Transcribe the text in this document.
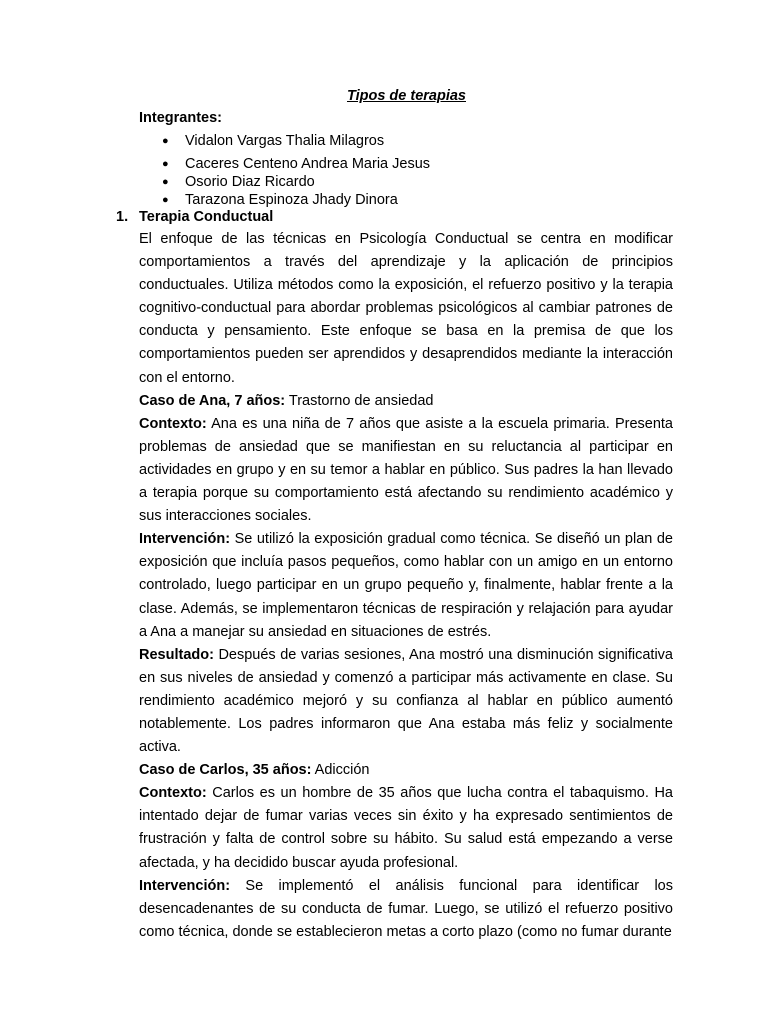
Tipos de terapias
Integrantes:
● Vidalon Vargas Thalia Milagros
● Caceres Centeno Andrea Maria Jesus
● Osorio Diaz Ricardo
● Tarazona Espinoza Jhady Dinora
1. Terapia Conductual

El enfoque de las técnicas en Psicología Conductual se centra en modificar comportamientos a través del aprendizaje y la aplicación de principios conductuales. Utiliza métodos como la exposición, el refuerzo positivo y la terapia cognitivo-conductual para abordar problemas psicológicos al cambiar patrones de conducta y pensamiento. Este enfoque se basa en la premisa de que los comportamientos pueden ser aprendidos y desaprendidos mediante la interacción con el entorno.

Caso de Ana, 7 años: Trastorno de ansiedad

Contexto: Ana es una niña de 7 años que asiste a la escuela primaria. Presenta problemas de ansiedad que se manifiestan en su reluctancia al participar en actividades en grupo y en su temor a hablar en público. Sus padres la han llevado a terapia porque su comportamiento está afectando su rendimiento académico y sus interacciones sociales.

Intervención: Se utilizó la exposición gradual como técnica. Se diseñó un plan de exposición que incluía pasos pequeños, como hablar con un amigo en un entorno controlado, luego participar en un grupo pequeño y, finalmente, hablar frente a la clase. Además, se implementaron técnicas de respiración y relajación para ayudar a Ana a manejar su ansiedad en situaciones de estrés.

Resultado: Después de varias sesiones, Ana mostró una disminución significativa en sus niveles de ansiedad y comenzó a participar más activamente en clase. Su rendimiento académico mejoró y su confianza al hablar en público aumentó notablemente. Los padres informaron que Ana estaba más feliz y socialmente activa.

Caso de Carlos, 35 años: Adicción

Contexto: Carlos es un hombre de 35 años que lucha contra el tabaquismo. Ha intentado dejar de fumar varias veces sin éxito y ha expresado sentimientos de frustración y falta de control sobre su hábito. Su salud está empezando a verse afectada, y ha decidido buscar ayuda profesional.

Intervención: Se implementó el análisis funcional para identificar los desencadenantes de su conducta de fumar. Luego, se utilizó el refuerzo positivo como técnica, donde se establecieron metas a corto plazo (como no fumar durante
